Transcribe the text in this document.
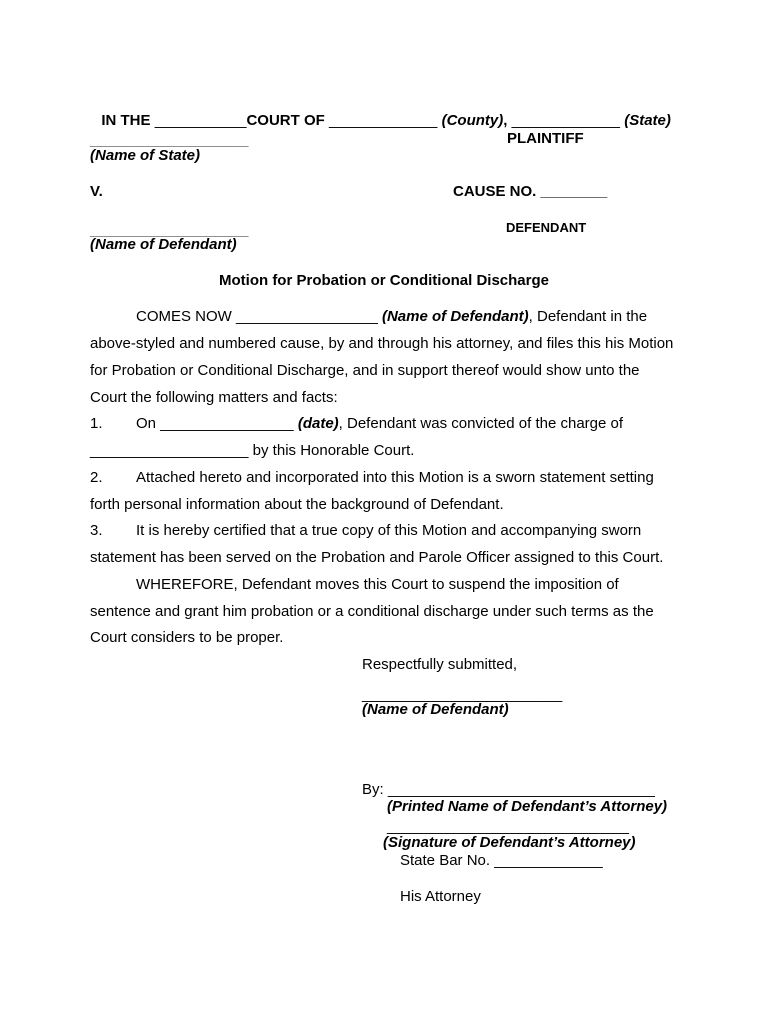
IN THE ___________COURT OF _____________ (County), _____________ (State)

___________________	PLAINTIFF
(Name of State)
V.	CAUSE NO. ________
___________________	DEFENDANT
(Name of Defendant)
Motion for Probation or Conditional Discharge
COMES NOW _________________ (Name of Defendant), Defendant in the
above-styled and numbered cause, by and through his attorney, and files this his Motion
for Probation or Conditional Discharge, and in support thereof would show unto the
Court the following matters and facts:
1. On ________________ (date), Defendant was convicted of the charge of
___________________ by this Honorable Court.
2. Attached hereto and incorporated into this Motion is a sworn statement setting
forth personal information about the background of Defendant.
3. It is hereby certified that a true copy of this Motion and accompanying sworn
statement has been served on the Probation and Parole Officer assigned to this Court.
WHEREFORE, Defendant moves this Court to suspend the imposition of
sentence and grant him probation or a conditional discharge under such terms as the
Court considers to be proper.
Respectfully submitted,
________________________
(Name of Defendant)
By: ________________________________
(Printed Name of Defendant’s Attorney)
_____________________________
(Signature of Defendant’s Attorney)
State Bar No. _____________
His Attorney
